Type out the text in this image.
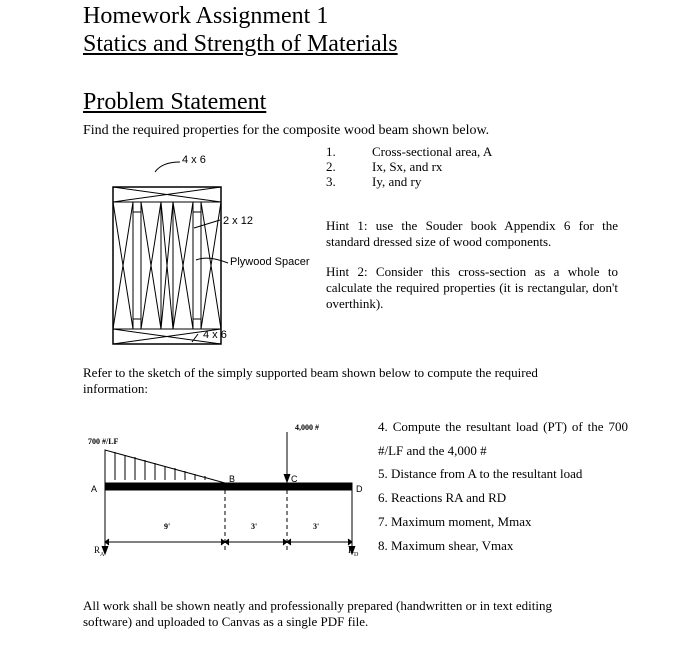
Homework Assignment 1
Statics and Strength of Materials
Problem Statement
Find the required properties for the composite wood beam shown below.
1.	Cross-sectional area, A
2.	Ix, Sx, and rx
3.	Iy, and ry
Hint 1: use the Souder book Appendix 6 for the standard dressed size of wood components.
Hint 2: Consider this cross-section as a whole to calculate the required properties (it is rectangular, don't overthink).
4 x 6
2 x 12
Plywood Spacer
4 x 6
Refer to the sketch of the simply supported beam shown below to compute the required information:
700 #/LF
4,000 #
A
B	C
D
9'	3'	3'
$R_A$	$R_D$
4. Compute the resultant load (PT) of the 700 #/LF and the 4,000 #
5. Distance from A to the resultant load
6. Reactions RA and RD
7. Maximum moment, Mmax
8. Maximum shear, Vmax
All work shall be shown neatly and professionally prepared (handwritten or in text editing software) and uploaded to Canvas as a single PDF file.
